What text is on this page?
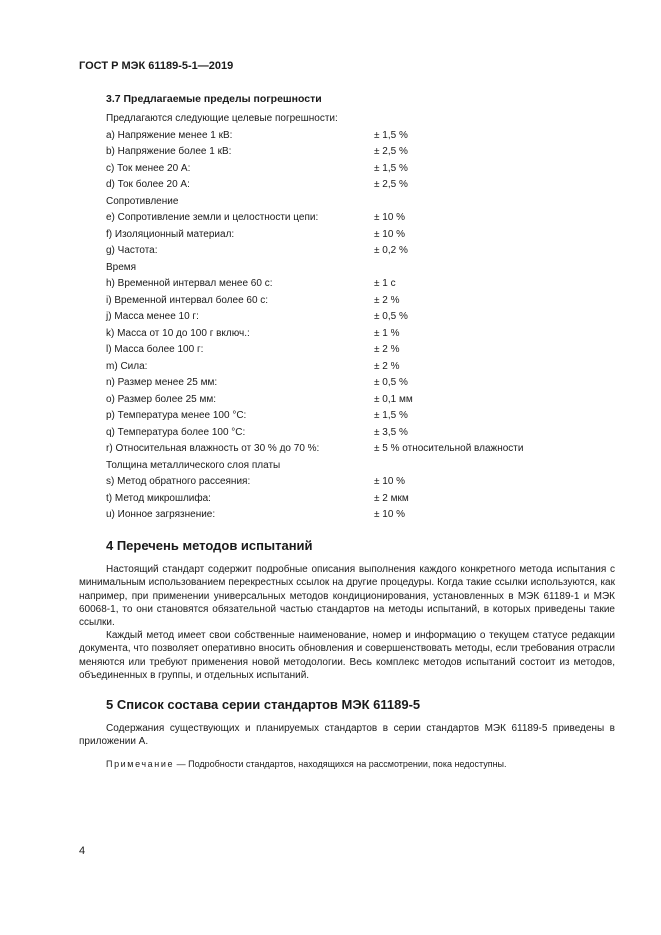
ГОСТ Р МЭК 61189-5-1—2019
3.7 Предлагаемые пределы погрешности
Предлагаются следующие целевые погрешности:
a) Напряжение менее 1 кВ:	± 1,5 %
b) Напряжение более 1 кВ:	± 2,5 %
c) Ток менее 20 А:	± 1,5 %
d) Ток более 20 А:	± 2,5 %
Сопротивление
e) Сопротивление земли и целостности цепи:	± 10 %
f) Изоляционный материал:	± 10 %
g) Частота:	± 0,2 %
Время
h) Временной интервал менее 60 с:	± 1 с
i) Временной интервал более 60 с:	± 2 %
j) Масса менее 10 г:	± 0,5 %
k) Масса от 10 до 100 г включ.:	± 1 %
l) Масса более 100 г:	± 2 %
m) Сила:	± 2 %
n) Размер менее 25 мм:	± 0,5 %
o) Размер более 25 мм:	± 0,1 мм
p) Температура менее 100 °С:	± 1,5 %
q) Температура более 100 °С:	± 3,5 %
r) Относительная влажность от 30 % до 70 %:	± 5 % относительной влажности
Толщина металлического слоя платы
s) Метод обратного рассеяния:	± 10 %
t) Метод микрошлифа:	± 2 мкм
u) Ионное загрязнение:	± 10 %
4 Перечень методов испытаний

Настоящий стандарт содержит подробные описания выполнения каждого конкретного метода испытания с минимальным использованием перекрестных ссылок на другие процедуры. Когда такие ссылки используются, как например, при применении универсальных методов кондиционирования, установленных в МЭК 61189-1 и МЭК 60068-1, то они становятся обязательной частью стандартов на методы испытаний, в которых приведены такие ссылки.

Каждый метод имеет свои собственные наименование, номер и информацию о текущем статусе редакции документа, что позволяет оперативно вносить обновления и совершенствовать методы, если требования отрасли меняются или требуют применения новой методологии. Весь комплекс методов испытаний состоит из методов, объединенных в группы, и отдельных испытаний.

5 Список состава серии стандартов МЭК 61189-5

Содержания существующих и планируемых стандартов в серии стандартов МЭК 61189-5 приведены в приложении А.

Примечание — Подробности стандартов, находящихся на рассмотрении, пока недоступны.
4
